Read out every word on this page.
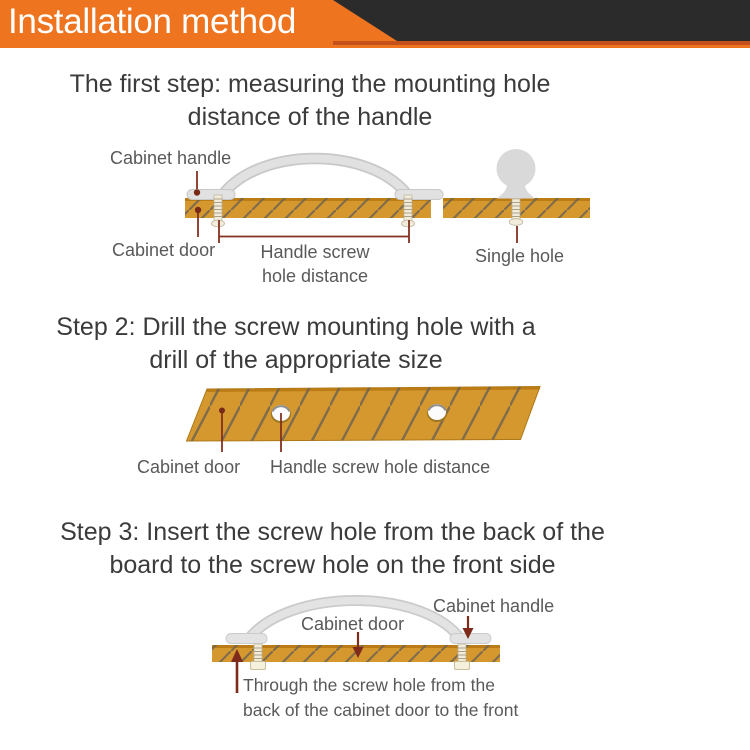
Installation method
The first step: measuring the mounting hole
distance of the handle
Step 2: Drill the screw mounting hole with a
drill of the appropriate size
Step 3: Insert the screw hole from the back of the
board to the screw hole on the front side
Cabinet handle
Cabinet door	Handle screw
hole distance
Single hole
Cabinet door Handle screw hole distance
Cabinet handle
Cabinet door
Through the screw hole from the
back of the cabinet door to the front
